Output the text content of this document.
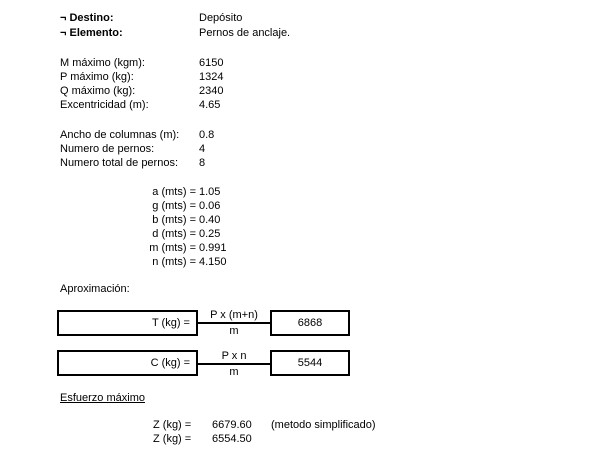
¬ Destino:	Depósito
¬ Elemento:	Pernos de anclaje.
M máximo (kgm):	6150
P máximo (kg):	1324
Q máximo (kg):	2340
Excentricidad (m):	4.65
Ancho de columnas (m): 0.8
Numero de pernos:	4
Numero total de pernos: 8
a (mts) = 1.05
g (mts) = 0.06
b (mts) = 0.40
d (mts) = 0.25
m (mts) = 0.991
n (mts) = 4.150
Aproximación:
T (kg) =
P x (m+n)
m
6868
C (kg) =
P x n
m
5544
Esfuerzo máximo
Z (kg) = 6679.60 (metodo simplificado)
Z (kg) = 6554.50
